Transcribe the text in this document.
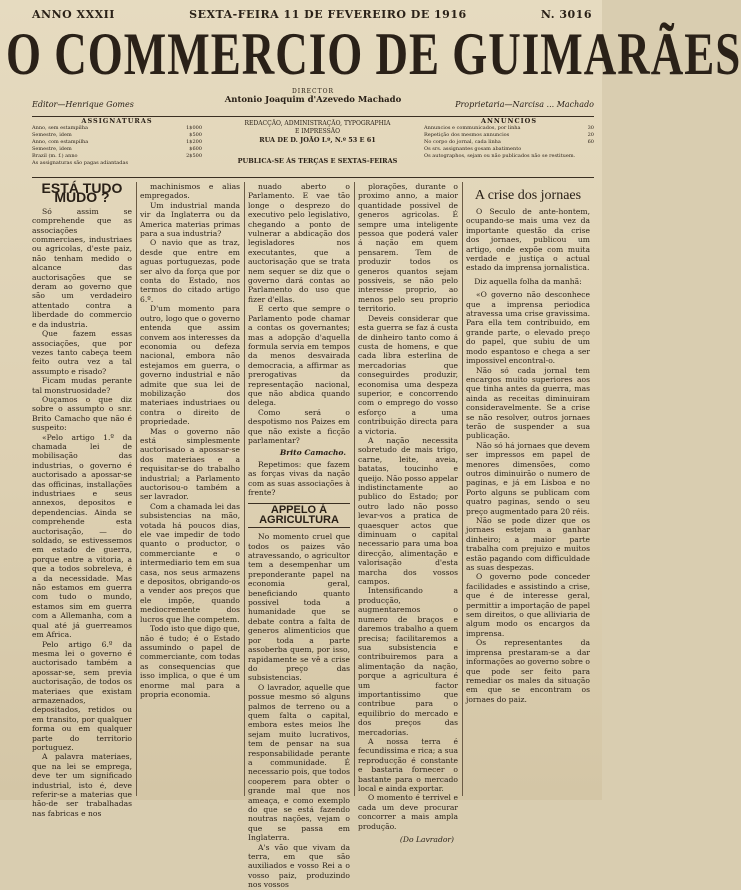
ANNO XXXII	SEXTA-FEIRA 11 DE FEVEREIRO DE 1916	N. 3016
O COMMERCIO DE GUIMARÃES
Editor—Henrique Gomes
DIRECTOR
Antonio Joaquim d'Azevedo Machado	Proprietaria—Narcisa ... Machado
ASSIGNATURAS
Anno, sem estampilha	1$000
Semestre, idem	$500
Anno, com estampilha	1$200
Semestre, idem	$600
Brazil (m. f.) anno	2$500
As assignaturas são pagas adiantadas
REDACÇÃO, ADMINISTRAÇÃO, TYPOGRAPHIA
E IMPRESSÃO
RUA DE D. JOÃO I.º, N.º 53 E 61
PUBLICA-SE ÁS TERÇAS E SEXTAS-FEIRAS
ANNUNCIOS
Annuncios e communicados, por linha	30
Repetição dos mesmos annuncios	20
No corpo do jornal, cada linha	60
Os srs. assignantes gosam abatimento
Os autographos, sejam ou não publicados não se restituem.
ESTÁ TUDO MUDO ?

Só assim se comprehende que as associações commerciaes, industriaes ou agricolas, d'este paiz, não tenham medido o alcance das auctorisações que se deram ao governo que são um verdadeiro attentado contra a liberdade do commercio e da industria.

Que fazem essas associações, que por vezes tanto cabeça teem feito outra vez a tal assumpto e risado?

Ficam mudas perante tal monstruosidade?

Ouçamos o que diz sobre o assumpto o snr. Brito Camacho que não é suspeito:

«Pelo artigo 1.º da chamada lei de mobilisação das industrias, o governo é auctorisado a apossar-se das officinas, installações industriaes e seus annexos, depositos e dependencias. Ainda se comprehende esta auctorisação, — do soldado, se estivessemos em estado de guerra, porque entre a vitoria, a que a todos sobreleva, é a da necessidade. Mas não estamos em guerra com tudo o mundo, estamos sim em guerra com a Allemanha, com a qual até já guerreamos em Africa.

Pelo artigo 6.º da mesma lei o governo é auctorisado também a apossar-se, sem previa auctorisação, de todos os materiaes que existam armazenados, depositados, retidos ou em transito, por qualquer forma ou em qualquer parte do territorio portuguez.

A palavra materiaes, que na lei se emprega, deve ter um significado industrial, isto é, deve referir-se a materias que hão-de ser trabalhadas nas fabricas e nos

machinismos e alias empregados.

Um industrial manda vir da Inglaterra ou da America materias primas para a sua industria?

O navio que as traz, desde que entre em aguas portuguezas, pode ser alvo da força que por conta do Estado, nos termos do citado artigo 6.º.

D'um momento para outro, logo que o governo entenda que assim convem aos interesses da economia ou defeza nacional, embora não estejamos em guerra, o governo industrial e não admite que sua lei de mobilização dos materiaes industriaes ou contra o direito de propriedade.

Mas o governo não está simplesmente auctorisado a apossar-se dos materiaes e a requisitar-se do trabalho industrial; a Parlamento auctorisou-o também a ser lavrador.

Com a chamada lei das subsistencias na mão, votada há poucos dias, ele vae impedir de todo quanto o productor, o commerciante e o intermediario tem em sua casa, nos seus armazens e depositos, obrigando-os a vender aos preços que ele impõe, quando mediocremente dos lucros que lhe competem.

Todo isto que digo que, não é tudo; é o Estado assumindo o papel de commerciante, com todas as consequencias que isso implica, o que é um enorme mal para a propria economia.

nuado aberto o Parlamento. E vae tão longe o desprezo do executivo pelo legislativo, chegando a ponto de vulnerar a abdicação dos legisladores nos executantes, que a auctorisação que se trata nem sequer se diz que o governo dará contas ao Parlamento do uso que fizer d'ellas.

E certo que sempre o Parlamento pode chamar a contas os governantes; mas a adopção d'aquella formula servia em tempos da menos desvairada democracia, a affirmar as prerogativas da representação nacional, que não abdica quando delega.

Como será o despotismo nos Paizes em que não existe a ficção parlamentar?

Brito Camacho.

Repetimos: que fazem as forças vivas da nação com as suas associações à frente?

APPELO Á AGRICULTURA

No momento cruel que todos os paizes vão atravessando, o agricultor tem a desempenhar um preponderante papel na economia geral, beneficiando quanto possivel toda a humanidade que se debate contra a falta de generos alimenticios que por toda a parte assoberba quem, por isso, rapidamente se vê a crise do preço das subsistencias.

O lavrador, aquelle que possue mesmo só alguns palmos de terreno ou a quem falta o capital, embora estes meios lhe sejam muito lucrativos, tem de pensar na sua responsabilidade perante a communidade. É necessario pois, que todos cooperem para obter o grande mal que nos ameaça, e como exemplo do que se está fazendo noutras nações, vejam o que se passa em Inglaterra.

A's vão que vivam da terra, em que são auxiliados e vosso Rei a o vosso paiz, produzindo nos vossos

plorações, durante o proximo anno, a maior quantidade possivel de generos agricolas. É sempre uma inteligente pessoa que poderá valer á nação em quem pensarem. Tem de produzir todos os generos quantos sejam possiveis, se não pelo interesse proprio, ao menos pelo seu proprio territorio.

Deveis considerar que esta guerra se faz á custa de dinheiro tanto como á custa de homens, e que cada libra esterlina de mercadorias que conseguirdes produzir, economisa uma despeza superior, e concorrendo com o emprego do vosso esforço a uma contribuição directa para a victoria.

A nação necessita sobretudo de mais trigo, carne, leite, aveia, batatas, toucinho e queijo. Não posso appelar indistinctamente ao publico do Estado; por outro lado não posso levar-vos a pratica de quaesquer actos que diminuam o capital necessario para uma boa direcção, alimentação e valorisação d'esta marcha dos vossos campos.

Intensificando a producção, augmentaremos o numero de braços e daremos trabalho a quem precisa; facilitaremos a sua subsistencia e contribuiremos para a alimentação da nação, porque a agricultura é um factor importantissimo que contribue para o equilibrio do mercado e dos preços das mercadorias.

A nossa terra é fecundissima e rica; a sua reproducção é constante e bastaria fornecer o bastante para o mercado local e ainda exportar.

O momento é terrivel e cada um deve procurar concorrer a mais ampla produção.

(Do Lavrador)
A crise dos jornaes

O Seculo de ante-hontem, ocupando-se mais uma vez da importante questão da crise dos jornaes, publicou um artigo, onde expõe com muita verdade e justiça o actual estado da imprensa jornalistica.

Diz aquella folha da manhã:

«O governo não desconhece que a imprensa periodica atravessa uma crise gravissima. Para ella tem contribuido, em grande parte, o elevado preço do papel, que subiu de um modo espantoso e chega a ser impossivel encontral-o.

Não só cada jornal tem encargos muito superiores aos que tinha antes da guerra, mas ainda as receitas diminuiram consideravelmente. Se a crise se não resolver, outros jornaes terão de suspender a sua publicação.

Não só há jornaes que devem ser impressos em papel de menores dimensões, como outros diminuirão o numero de paginas, e já em Lisboa e no Porto alguns se publicam com quatro paginas, sendo o seu preço augmentado para 20 réis.

Não se pode dizer que os jornaes estejam a ganhar dinheiro; a maior parte trabalha com prejuizo e muitos estão pagando com difficuldade as suas despezas.

O governo pode conceder facilidades e assistindo a crise, que é de interesse geral, permittir a importação de papel sem direitos, o que alliviaria de algum modo os encargos da imprensa.

Os representantes da imprensa prestaram-se a dar informações ao governo sobre o que pode ser feito para remediar os males da situação em que se encontram os jornaes do paiz.
